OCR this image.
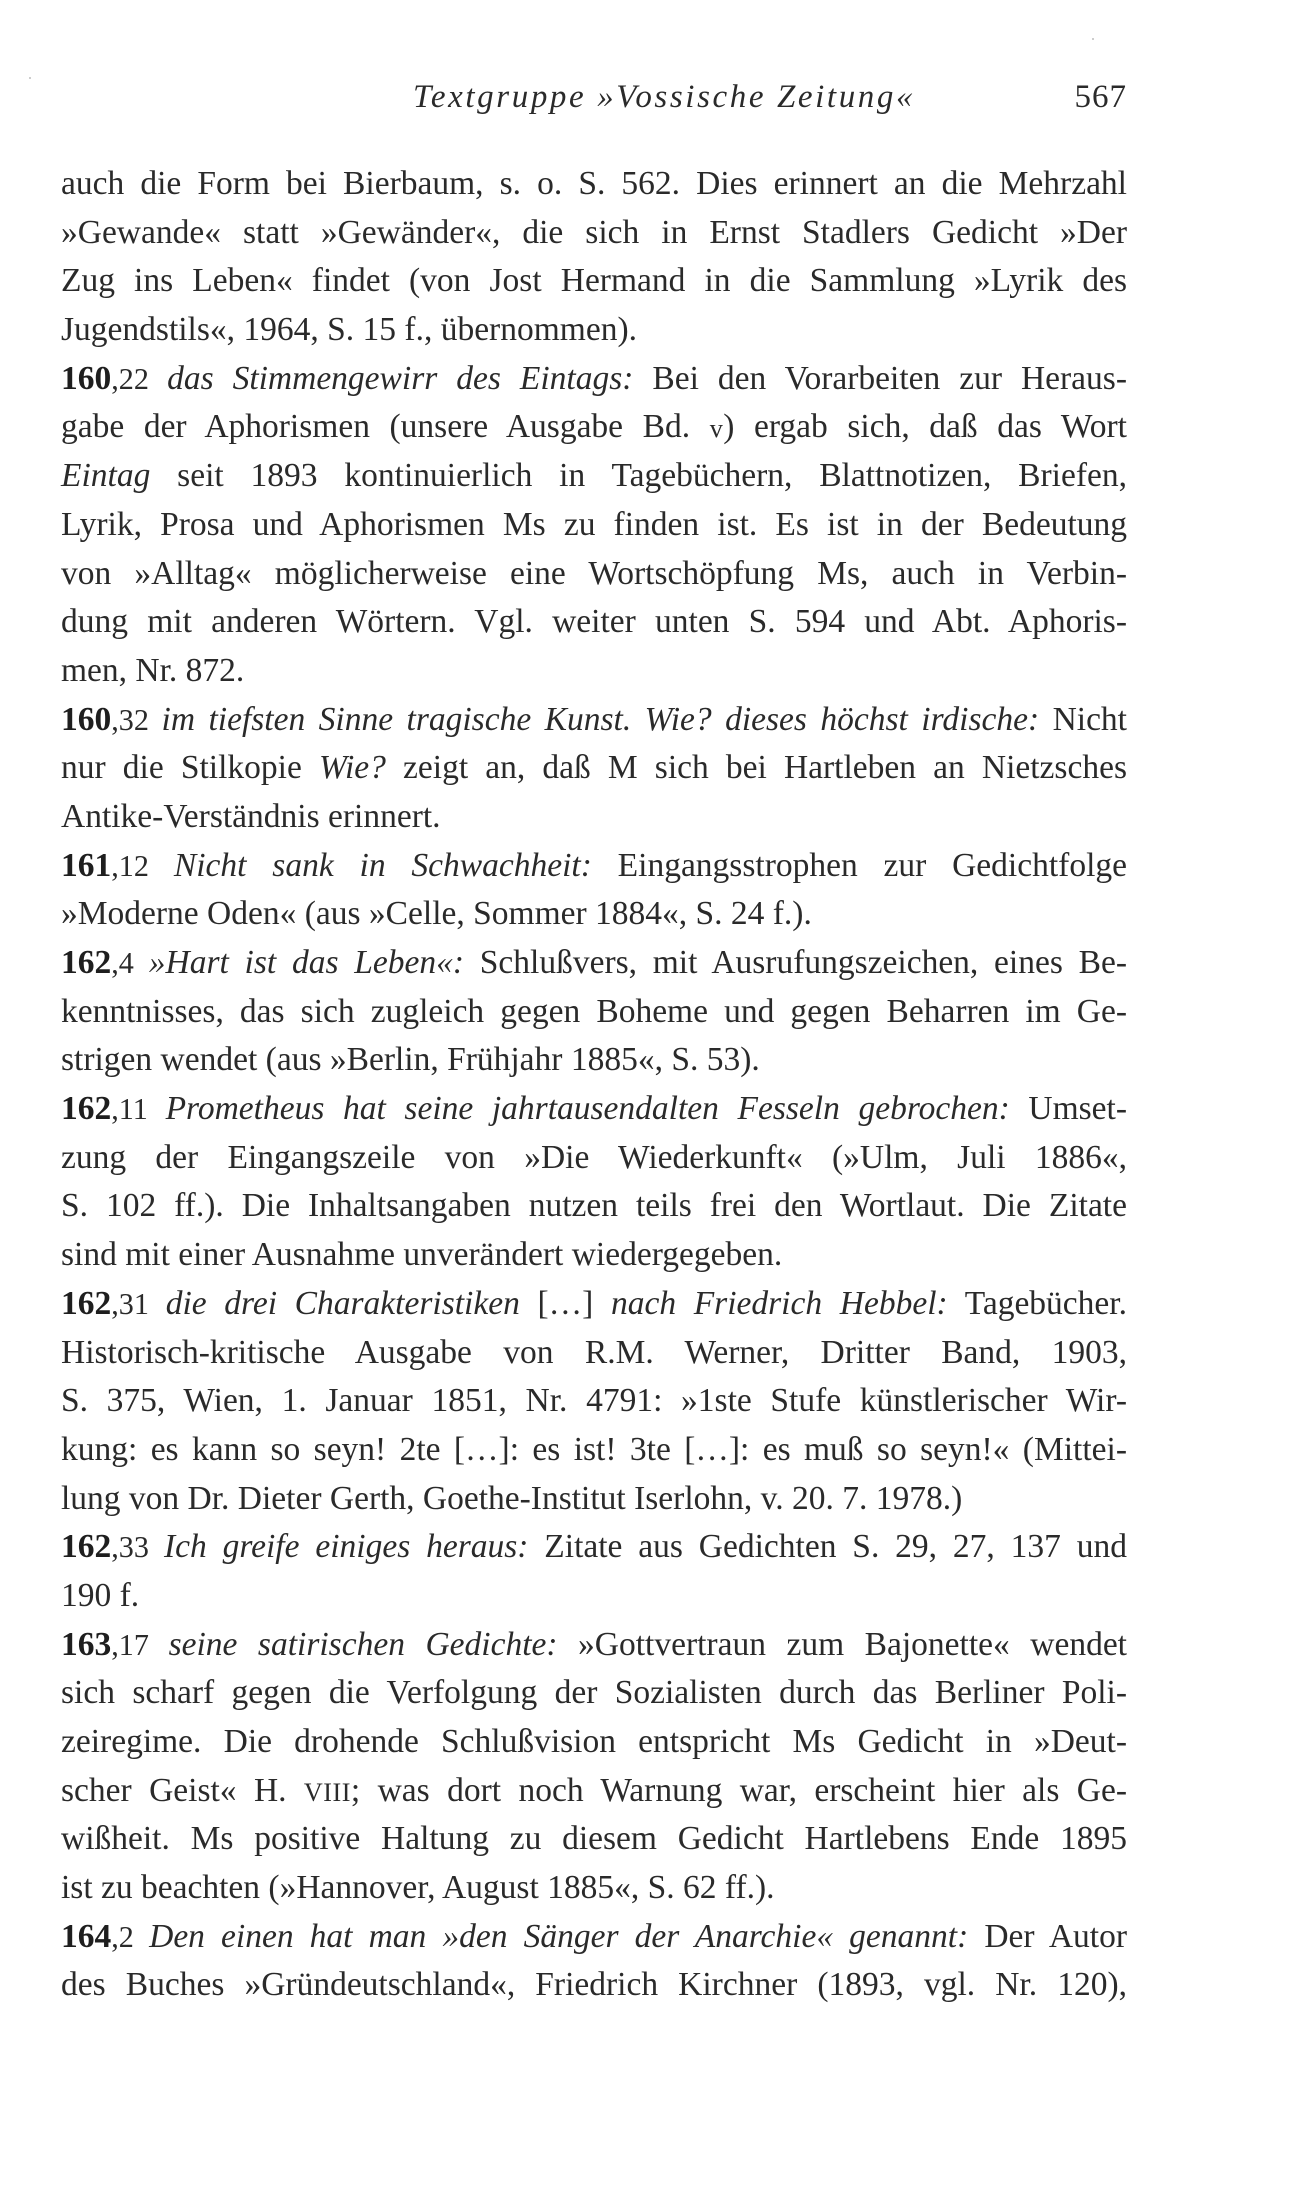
Textgruppe »Vossische Zeitung«	567
auch die Form bei Bierbaum, s. o. S. 562. Dies erinnert an die Mehrzahl
»Gewande« statt »Gewänder«, die sich in Ernst Stadlers Gedicht »Der
Zug ins Leben« findet (von Jost Hermand in die Sammlung »Lyrik des
Jugendstils«, 1964, S. 15 f., übernommen).
160,22 das Stimmengewirr des Eintags: Bei den Vorarbeiten zur Heraus-
gabe der Aphorismen (unsere Ausgabe Bd. v) ergab sich, daß das Wort
Eintag seit 1893 kontinuierlich in Tagebüchern, Blattnotizen, Briefen,
Lyrik, Prosa und Aphorismen Ms zu finden ist. Es ist in der Bedeutung
von »Alltag« möglicherweise eine Wortschöpfung Ms, auch in Verbin-
dung mit anderen Wörtern. Vgl. weiter unten S. 594 und Abt. Aphoris-
men, Nr. 872.
160,32 im tiefsten Sinne tragische Kunst. Wie? dieses höchst irdische: Nicht
nur die Stilkopie Wie? zeigt an, daß M sich bei Hartleben an Nietzsches
Antike-Verständnis erinnert.
161,12 Nicht sank in Schwachheit: Eingangsstrophen zur Gedichtfolge
»Moderne Oden« (aus »Celle, Sommer 1884«, S. 24 f.).
162,4 »Hart ist das Leben«: Schlußvers, mit Ausrufungszeichen, eines Be-
kenntnisses, das sich zugleich gegen Boheme und gegen Beharren im Ge-
strigen wendet (aus »Berlin, Frühjahr 1885«, S. 53).
162,11 Prometheus hat seine jahrtausendalten Fesseln gebrochen: Umset-
zung der Eingangszeile von »Die Wiederkunft« (»Ulm, Juli 1886«,
S. 102 ff.). Die Inhaltsangaben nutzen teils frei den Wortlaut. Die Zitate
sind mit einer Ausnahme unverändert wiedergegeben.
162,31 die drei Charakteristiken […] nach Friedrich Hebbel: Tagebücher.
Historisch-kritische Ausgabe von R.M. Werner, Dritter Band, 1903,
S. 375, Wien, 1. Januar 1851, Nr. 4791: »1ste Stufe künstlerischer Wir-
kung: es kann so seyn! 2te […]: es ist! 3te […]: es muß so seyn!« (Mittei-
lung von Dr. Dieter Gerth, Goethe-Institut Iserlohn, v. 20. 7. 1978.)
162,33 Ich greife einiges heraus: Zitate aus Gedichten S. 29, 27, 137 und
190 f.
163,17 seine satirischen Gedichte: »Gottvertraun zum Bajonette« wendet
sich scharf gegen die Verfolgung der Sozialisten durch das Berliner Poli-
zeiregime. Die drohende Schlußvision entspricht Ms Gedicht in »Deut-
scher Geist« H. VIII; was dort noch Warnung war, erscheint hier als Ge-
wißheit. Ms positive Haltung zu diesem Gedicht Hartlebens Ende 1895
ist zu beachten (»Hannover, August 1885«, S. 62 ff.).
164,2 Den einen hat man »den Sänger der Anarchie« genannt: Der Autor
des Buches »Gründeutschland«, Friedrich Kirchner (1893, vgl. Nr. 120),
